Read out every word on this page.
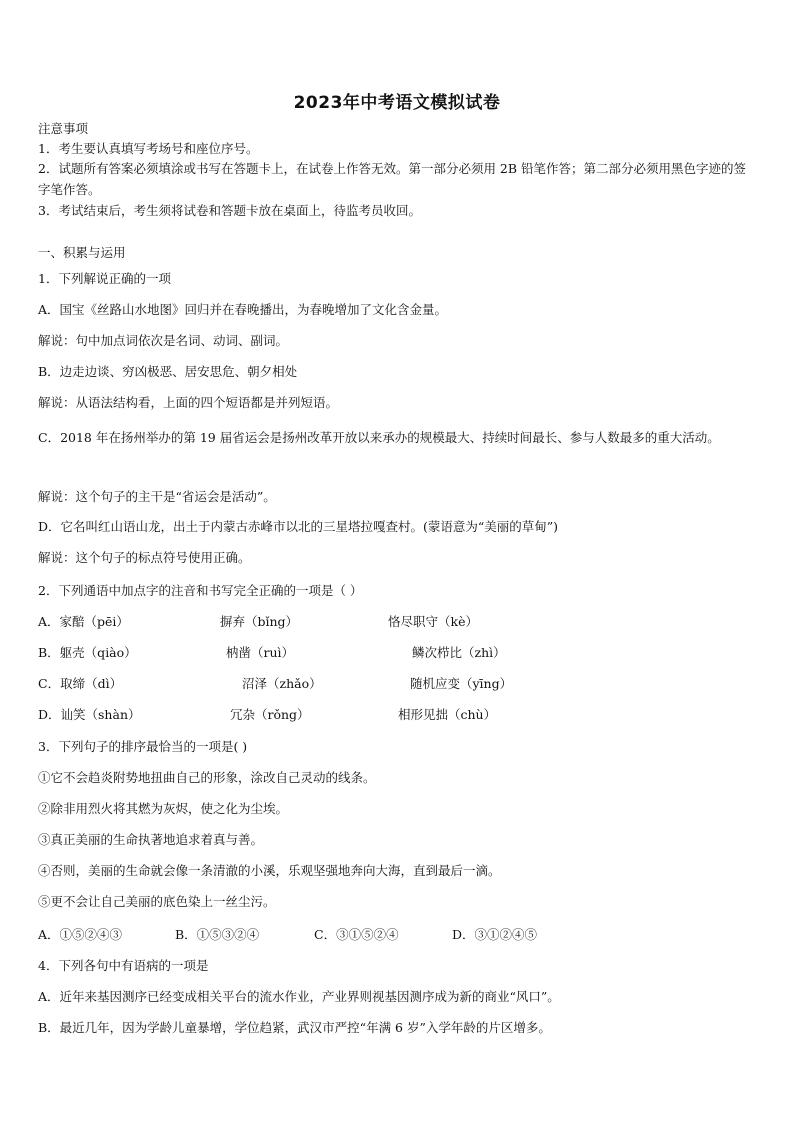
2023年中考语文模拟试卷
注意事项
1．考生要认真填写考场号和座位序号。
2．试题所有答案必须填涂或书写在答题卡上，在试卷上作答无效。第一部分必须用 2B 铅笔作答；第二部分必须用黑色字迹的签字笔作答。
3．考试结束后，考生须将试卷和答题卡放在桌面上，待监考员收回。
一、积累与运用
1．下列解说正确的一项
A．国宝《丝路山水地图》回归并在春晚播出，为春晚增加了文化含金量。
解说：句中加点词依次是名词、动词、副词。
B．边走边谈、穷凶极恶、居安思危、朝夕相处
解说：从语法结构看，上面的四个短语都是并列短语。
C．2018 年在扬州举办的第 19 届省运会是扬州改革开放以来承办的规模最大、持续时间最长、参与人数最多的重大活动。
解说：这个句子的主干是“省运会是活动”。
D．它名叫红山语山龙，出土于内蒙古赤峰市以北的三星塔拉嘎查村。(蒙语意为“美丽的草甸”)
解说：这个句子的标点符号使用正确。
2．下列通语中加点字的注音和书写完全正确的一项是（ ）
A．家醅（pēi）	摒弃（bǐng）	恪尽职守（kè）
B．躯壳（qiào）	枘凿（ruì）	鳞次栉比（zhì）
C．取缔（dì）	沼泽（zhǎo）	随机应变（yīng）
D．讪笑（shàn）	冗杂（rǒng）	相形见拙（chù）
3．下列句子的排序最恰当的一项是( )
①它不会趋炎附势地扭曲自己的形象，涂改自己灵动的线条。
②除非用烈火将其燃为灰烬，使之化为尘埃。
③真正美丽的生命执著地追求着真与善。
④否则，美丽的生命就会像一条清澈的小溪，乐观坚强地奔向大海，直到最后一滴。
⑤更不会让自己美丽的底色染上一丝尘污。
A．①⑤②④③	B．①⑤③②④	C．③①⑤②④	D．③①②④⑤
4．下列各句中有语病的一项是
A．近年来基因测序已经变成相关平台的流水作业，产业界则视基因测序成为新的商业“风口”。
B．最近几年，因为学龄儿童暴增，学位趋紧，武汉市严控“年满 6 岁”入学年龄的片区增多。
